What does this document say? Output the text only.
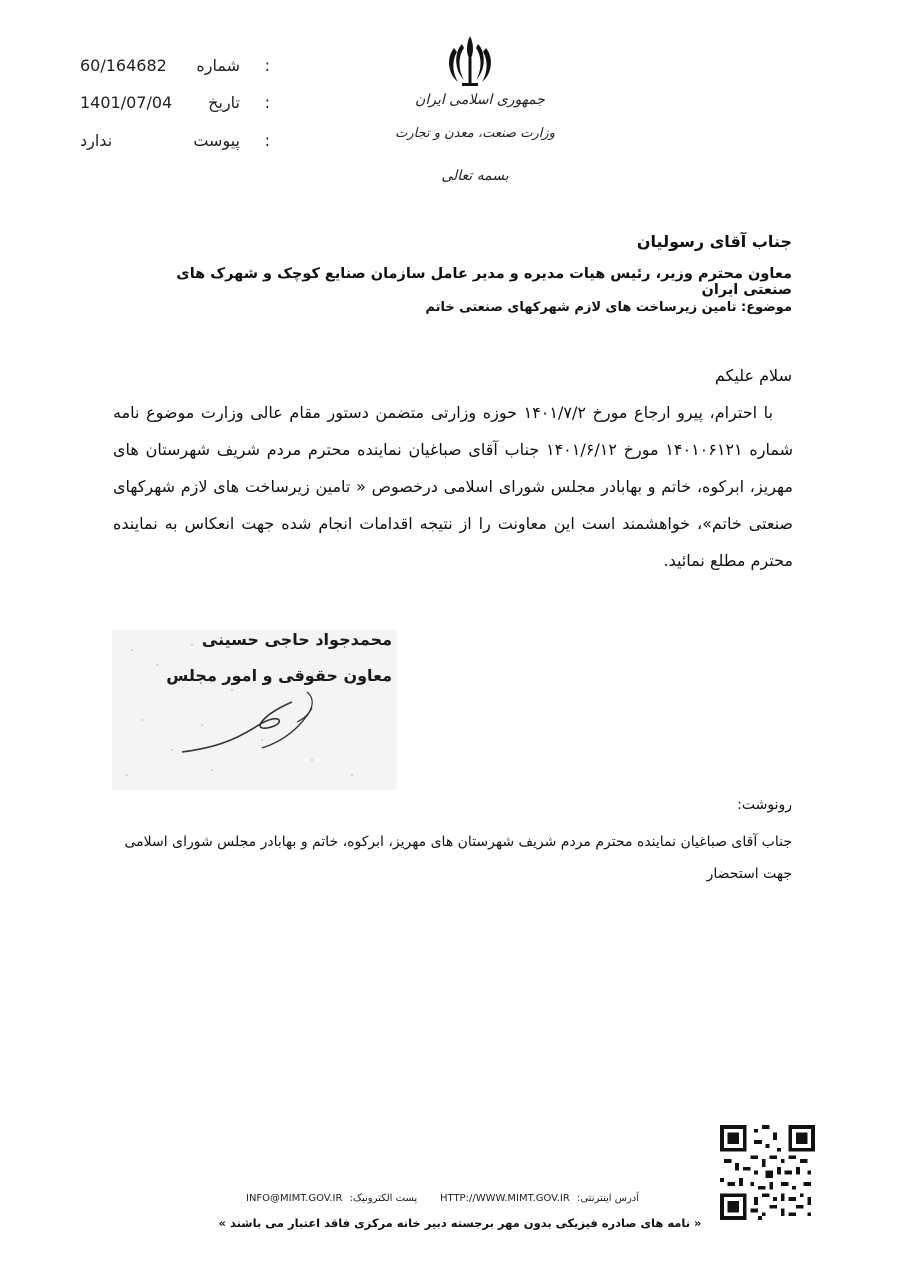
شماره :
60/164682
تاریخ :
1401/07/04
پیوست :
ندارد
جمهوری اسلامی ایران
وزارت صنعت، معدن و تجارت
بسمه تعالی
جناب آقای رسولیان
معاون محترم وزیر، رئیس هیات مدیره و مدیر عامل سازمان صنایع کوچک و شهرک های صنعتی ایران
موضوع: تامین زیرساخت های لازم شهرکهای صنعتی خاتم
سلام علیکم
با احترام، پیرو ارجاع مورخ ۱۴۰۱/۷/۲ حوزه وزارتی متضمن دستور مقام عالی وزارت موضوع نامه شماره ۱۴۰۱۰۶۱۲۱ مورخ ۱۴۰۱/۶/۱۲ جناب آقای صباغیان نماینده محترم مردم شریف شهرستان های مهریز، ابرکوه، خاتم و بهابادر مجلس شورای اسلامی درخصوص « تامین زیرساخت های لازم شهرکهای صنعتی خاتم»، خواهشمند است این معاونت را از نتیجه اقدامات انجام شده جهت انعکاس به نماینده محترم مطلع نمائید.
محمدجواد حاجی حسینی
معاون حقوقی و امور مجلس
رونوشت:
جناب آقای صباغیان نماینده محترم مردم شریف شهرستان های مهریز، ابرکوه، خاتم و بهابادر مجلس شورای اسلامی جهت استحضار
INFO@MIMT.GOV.IR پست الکترونیک: HTTP://WWW.MIMT.GOV.IR آدرس اینترنتی:
« نامه های صادره فیزیکی بدون مهر برجسته دبیر خانه مرکزی فاقد اعتبار می باشند »
